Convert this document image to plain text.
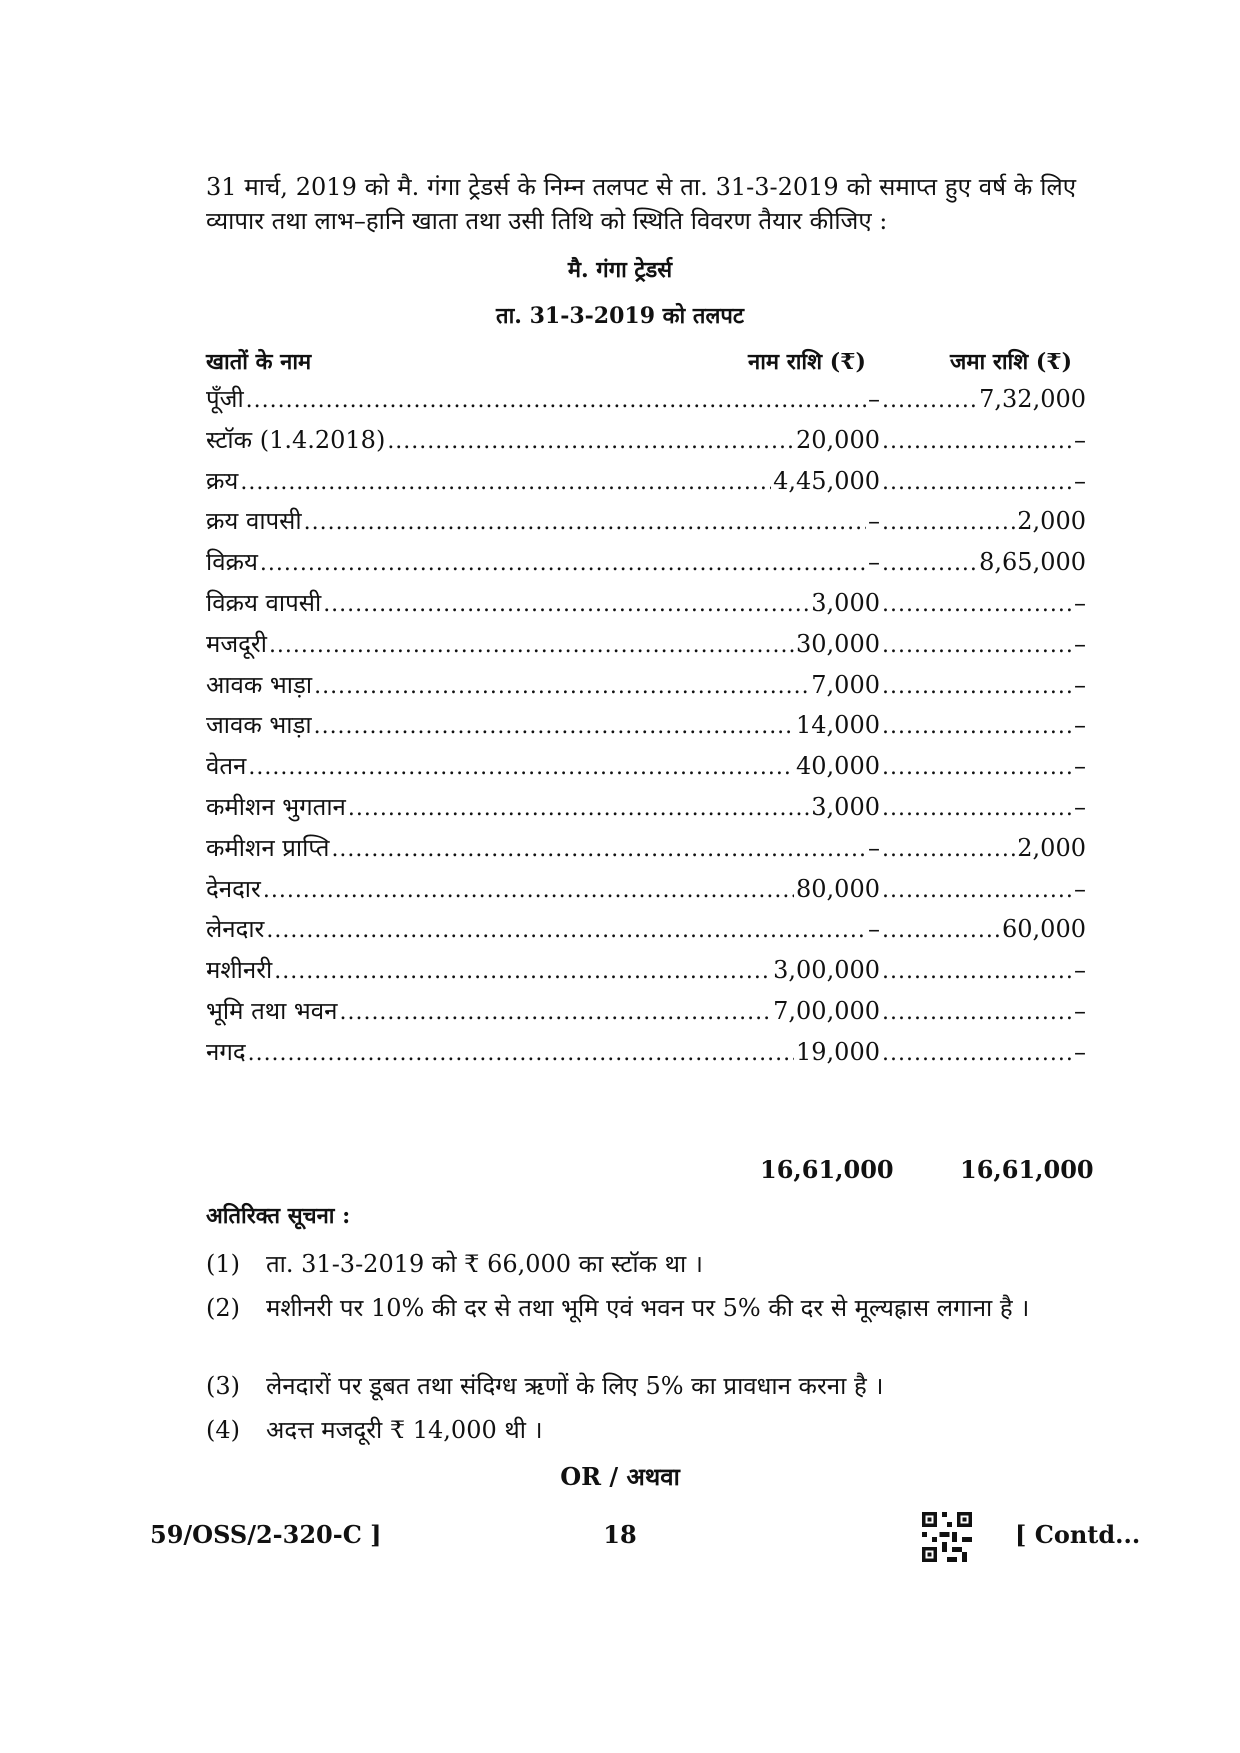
31 मार्च, 2019 को मै. गंगा ट्रेडर्स के निम्न तलपट से ता. 31-3-2019 को समाप्त हुए वर्ष के लिए व्यापार तथा लाभ–हानि खाता तथा उसी तिथि को स्थिति विवरण तैयार कीजिए :
मै. गंगा ट्रेडर्स
ता. 31-3-2019 को तलपट
खातों के नाम	नाम राशि (₹)	जमा राशि (₹)
पूँजी .....	– .....	7,32,000
स्टॉक (1.4.2018) .....	20,000 .....	–
क्रय .....	4,45,000 .....	–
क्रय वापसी .....	– .....	2,000
विक्रय .....	– .....	8,65,000
विक्रय वापसी .....	3,000 .....	–
मजदूरी .....	30,000 .....	–
आवक भाड़ा .....	7,000 .....	–
जावक भाड़ा .....	14,000 .....	–
वेतन .....	40,000 .....	–
कमीशन भुगतान .....	3,000 .....	–
कमीशन प्राप्ति .....	– .....	2,000
देनदार .....	80,000 .....	–
लेनदार .....	– .....	60,000
मशीनरी .....	3,00,000 .....	–
भूमि तथा भवन .....	7,00,000 .....	–
नगद .....	19,000 .....	–
16,61,000	16,61,000
अतिरिक्त सूचना :
(1)	ता. 31-3-2019 को ₹ 66,000 का स्टॉक था ।
(2)	मशीनरी पर 10% की दर से तथा भूमि एवं भवन पर 5% की दर से मूल्यह्रास लगाना है ।
(3)	लेनदारों पर डूबत तथा संदिग्ध ऋणों के लिए 5% का प्रावधान करना है ।
(4)	अदत्त मजदूरी ₹ 14,000 थी ।
OR / अथवा
59/OSS/2-320-C ]	18	[ Contd...
